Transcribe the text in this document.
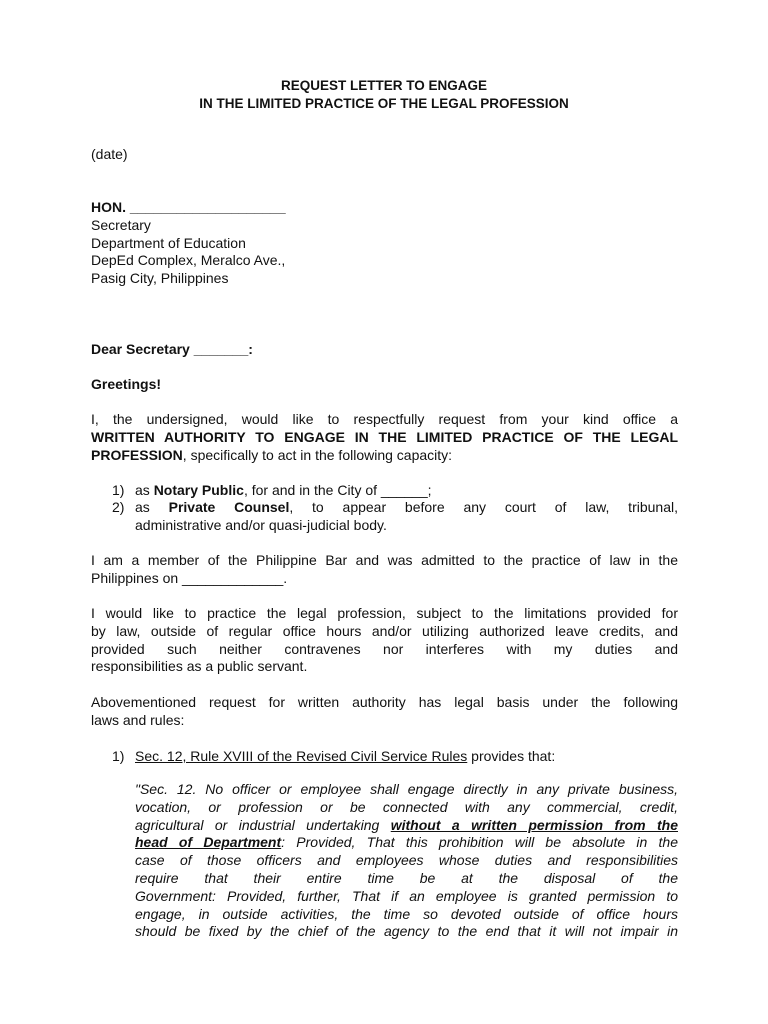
REQUEST LETTER TO ENGAGE
IN THE LIMITED PRACTICE OF THE LEGAL PROFESSION
(date)
HON. ____________________
Secretary
Department of Education
DepEd Complex, Meralco Ave.,
Pasig City, Philippines
Dear Secretary _______:
Greetings!
I, the undersigned, would like to respectfully request from your kind office a
WRITTEN AUTHORITY TO ENGAGE IN THE LIMITED PRACTICE OF THE LEGAL
PROFESSION, specifically to act in the following capacity:
1) as Notary Public, for and in the City of ______;
2) as Private Counsel, to appear before any court of law, tribunal,
administrative and/or quasi-judicial body.
I am a member of the Philippine Bar and was admitted to the practice of law in the
Philippines on _____________.
I would like to practice the legal profession, subject to the limitations provided for
by law, outside of regular office hours and/or utilizing authorized leave credits, and
provided such neither contravenes nor interferes with my duties and
responsibilities as a public servant.
Abovementioned request for written authority has legal basis under the following
laws and rules:
1) Sec. 12, Rule XVIII of the Revised Civil Service Rules provides that:
"Sec. 12. No officer or employee shall engage directly in any private business,
vocation, or profession or be connected with any commercial, credit,
agricultural or industrial undertaking without a written permission from the
head of Department: Provided, That this prohibition will be absolute in the
case of those officers and employees whose duties and responsibilities
require that their entire time be at the disposal of the
Government: Provided, further, That if an employee is granted permission to
engage, in outside activities, the time so devoted outside of office hours
should be fixed by the chief of the agency to the end that it will not impair in
